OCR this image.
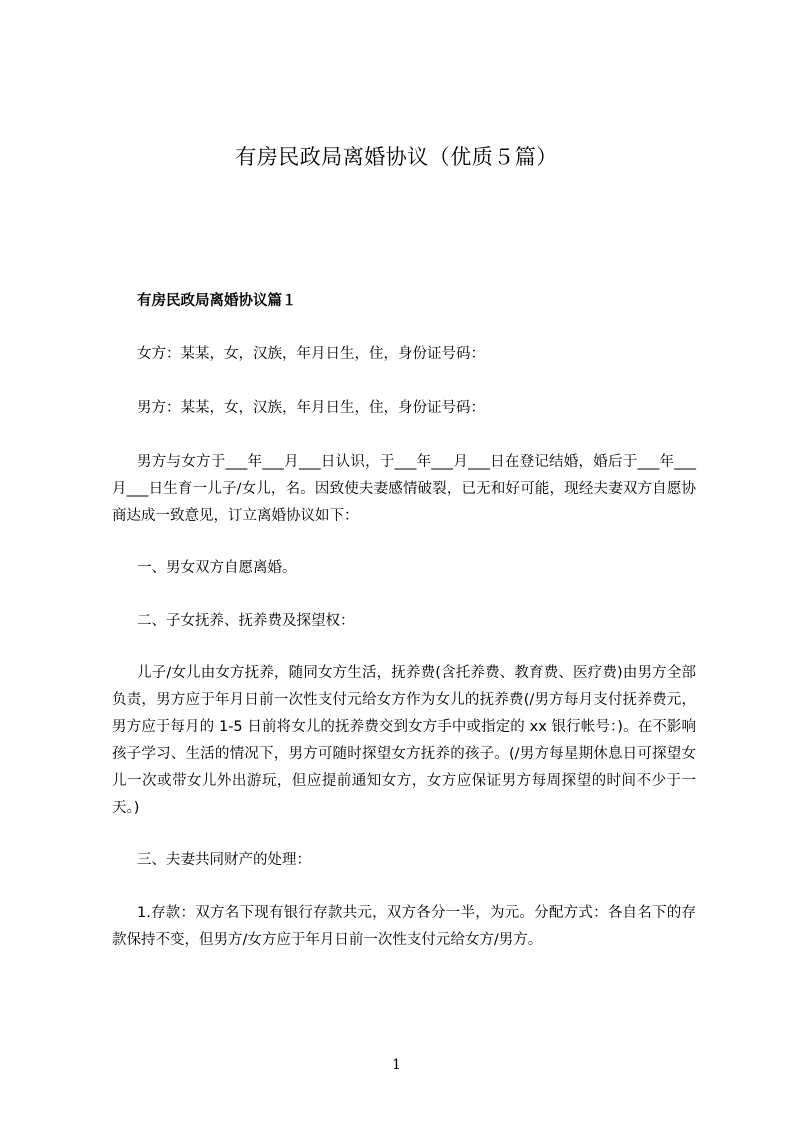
有房民政局离婚协议（优质５篇）
有房民政局离婚协议篇１
女方：某某，女，汉族，年月日生，住，身份证号码：
男方：某某，女，汉族，年月日生，住，身份证号码：
男方与女方于___年___月___日认识，于___年___月___日在登记结婚，婚后于___年___月___日生育一儿子/女儿，名。因致使夫妻感情破裂，已无和好可能，现经夫妻双方自愿协商达成一致意见，订立离婚协议如下：
一、男女双方自愿离婚。
二、子女抚养、抚养费及探望权：
儿子/女儿由女方抚养，随同女方生活，抚养费(含托养费、教育费、医疗费)由男方全部负责，男方应于年月日前一次性支付元给女方作为女儿的抚养费(/男方每月支付抚养费元，男方应于每月的 1-5 日前将女儿的抚养费交到女方手中或指定的 xx 银行帐号：)。在不影响孩子学习、生活的情况下，男方可随时探望女方抚养的孩子。(/男方每星期休息日可探望女儿一次或带女儿外出游玩，但应提前通知女方，女方应保证男方每周探望的时间不少于一天。)
三、夫妻共同财产的处理：
1.存款：双方名下现有银行存款共元，双方各分一半，为元。分配方式：各自名下的存款保持不变，但男方/女方应于年月日前一次性支付元给女方/男方。
1
